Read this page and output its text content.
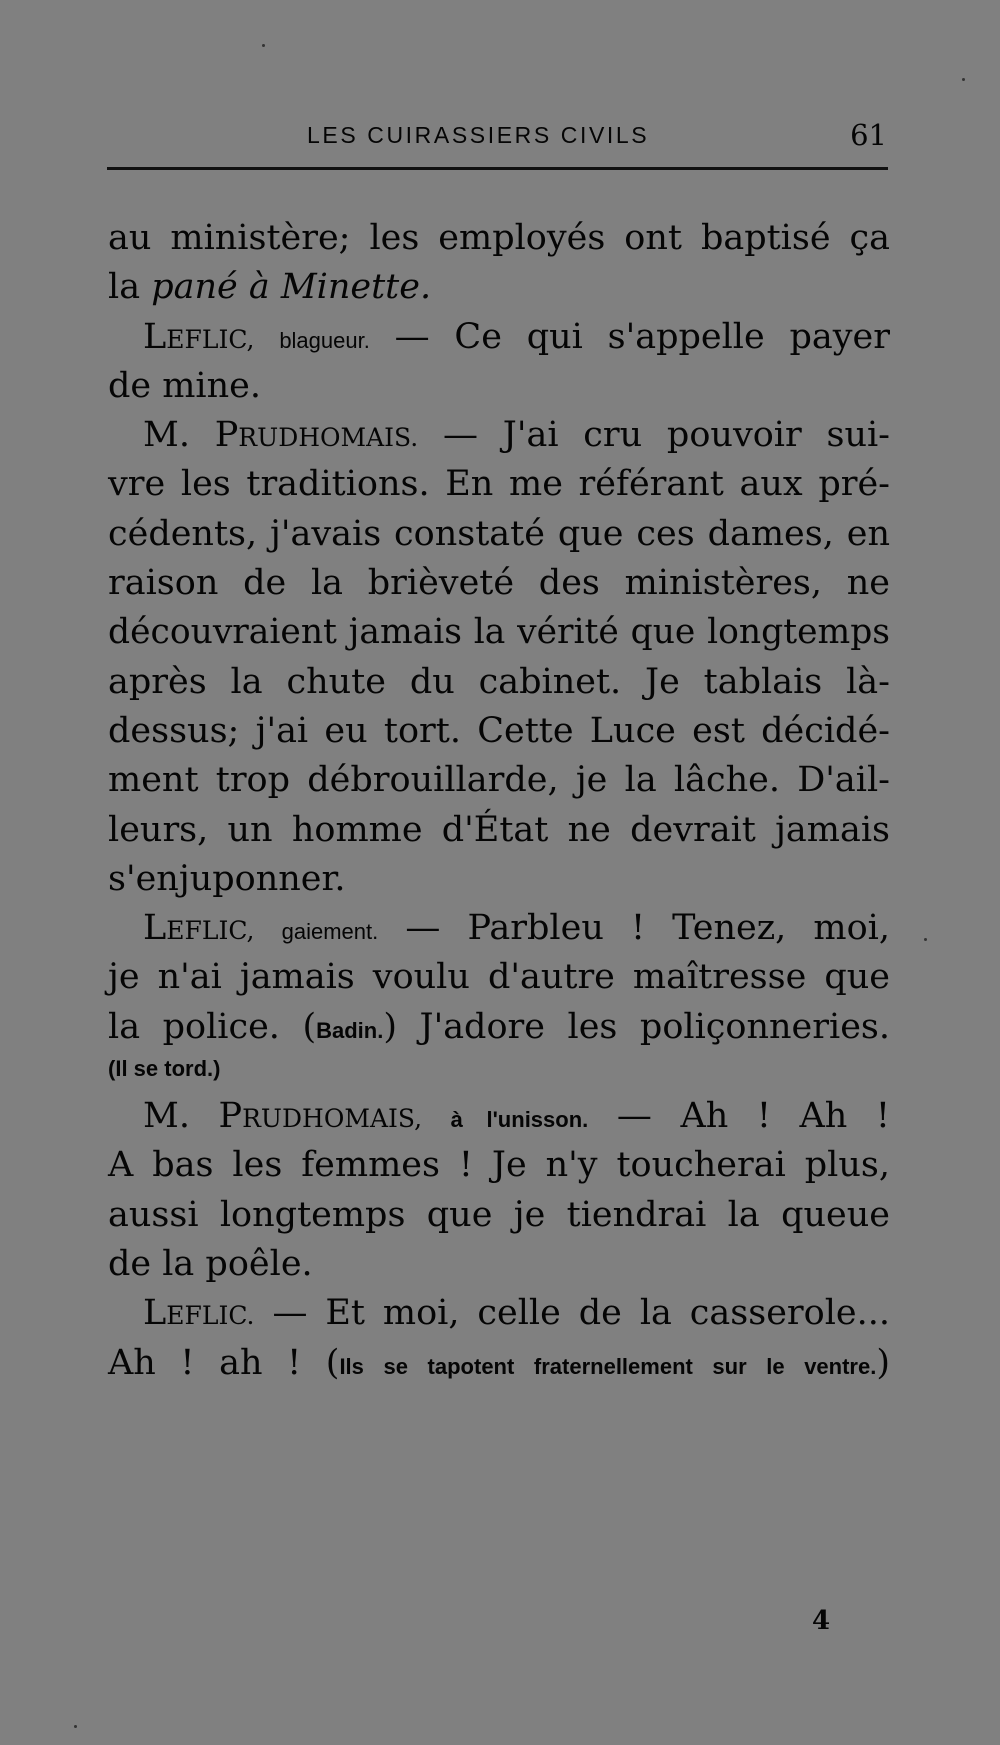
LES CUIRASSIERS CIVILS	61
au ministère; les employés ont baptisé ça
la pané à Minette.
 LEFLIC, blagueur. — Ce qui s'appelle payer
de mine.
 M. PRUDHOMAIS. — J'ai cru pouvoir sui-
vre les traditions. En me référant aux pré-
cédents, j'avais constaté que ces dames, en
raison de la brièveté des ministères, ne
découvraient jamais la vérité que longtemps
après la chute du cabinet. Je tablais là-
dessus; j'ai eu tort. Cette Luce est décidé-
ment trop débrouillarde, je la lâche. D'ail-
leurs, un homme d'État ne devrait jamais
s'enjuponner.
 LEFLIC, gaiement. — Parbleu ! Tenez, moi,
je n'ai jamais voulu d'autre maîtresse que
la police. (Badin.) J'adore les poliçonneries.
(Il se tord.)
 M. PRUDHOMAIS, à l'unisson. — Ah ! Ah !
A bas les femmes ! Je n'y toucherai plus,
aussi longtemps que je tiendrai la queue
de la poêle.
 LEFLIC. — Et moi, celle de la casserole...
Ah ! ah ! (Ils se tapotent fraternellement sur le ventre.)
4
